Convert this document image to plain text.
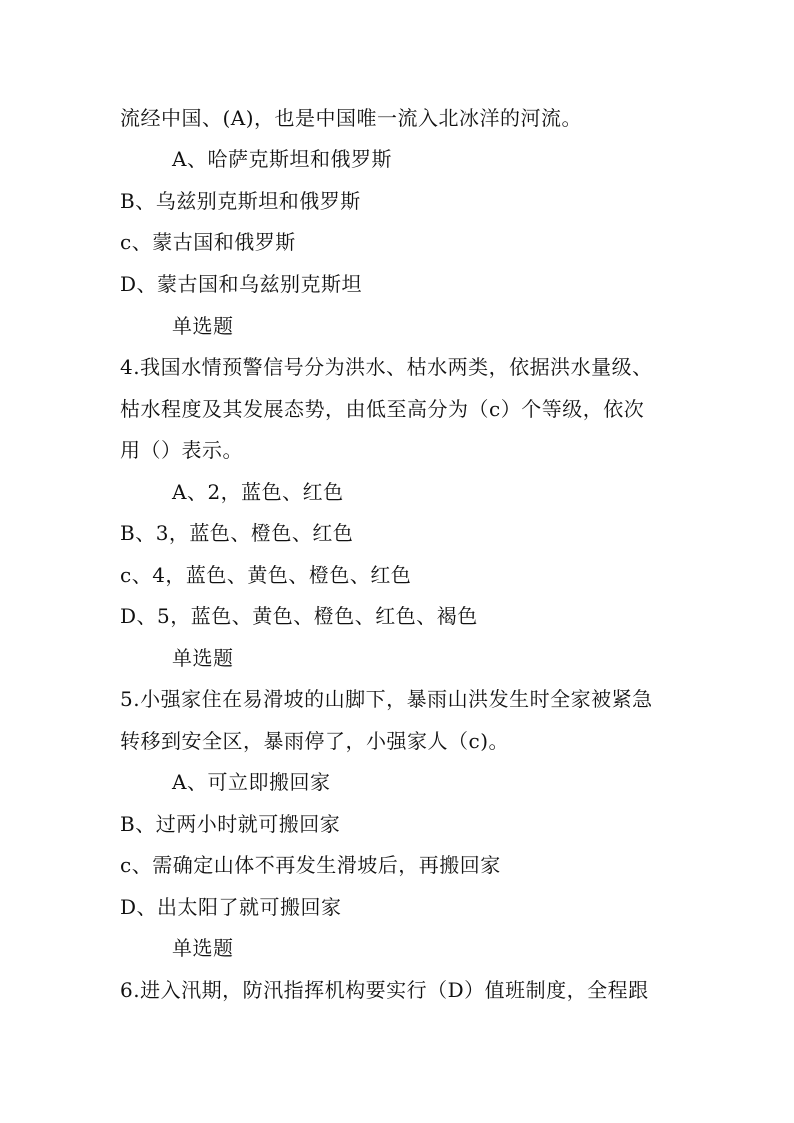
流经中国、(A)，也是中国唯一流入北冰洋的河流。
A、哈萨克斯坦和俄罗斯
B、乌兹别克斯坦和俄罗斯
c、蒙古国和俄罗斯
D、蒙古国和乌兹别克斯坦
单选题
4.我国水情预警信号分为洪水、枯水两类，依据洪水量级、
枯水程度及其发展态势，由低至高分为（c）个等级，依次
用（）表示。
A、2，蓝色、红色
B、3，蓝色、橙色、红色
c、4，蓝色、黄色、橙色、红色
D、5，蓝色、黄色、橙色、红色、褐色
单选题
5.小强家住在易滑坡的山脚下，暴雨山洪发生时全家被紧急
转移到安全区，暴雨停了，小强家人（c)。
A、可立即搬回家
B、过两小时就可搬回家
c、需确定山体不再发生滑坡后，再搬回家
D、出太阳了就可搬回家
单选题
6.进入汛期，防汛指挥机构要实行（D）值班制度，全程跟
